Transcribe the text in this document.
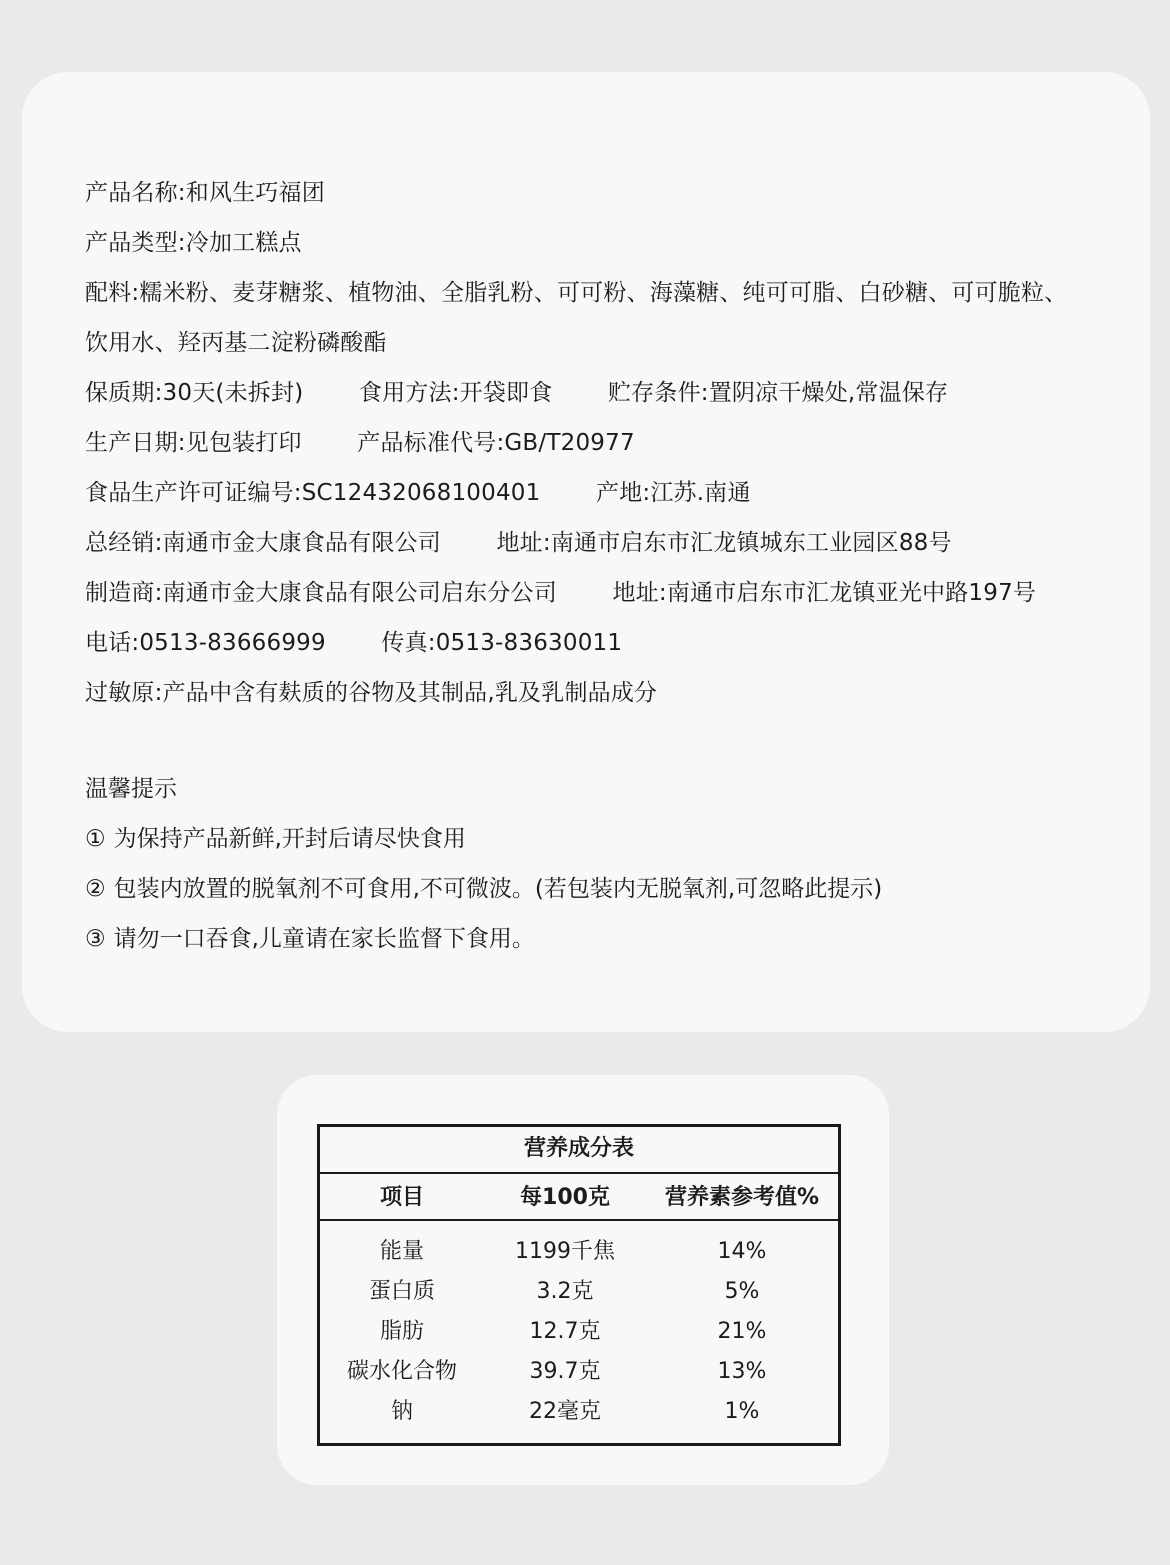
产品名称:和风生巧福团
产品类型:冷加工糕点
配料:糯米粉、麦芽糖浆、植物油、全脂乳粉、可可粉、海藻糖、纯可可脂、白砂糖、可可脆粒、
饮用水、羟丙基二淀粉磷酸酯
保质期:30天(未拆封) 食用方法:开袋即食 贮存条件:置阴凉干燥处,常温保存
生产日期:见包装打印 产品标准代号:GB/T20977
食品生产许可证编号:SC12432068100401 产地:江苏.南通
总经销:南通市金大康食品有限公司 地址:南通市启东市汇龙镇城东工业园区88号
制造商:南通市金大康食品有限公司启东分公司 地址:南通市启东市汇龙镇亚光中路197号
电话:0513-83666999 传真:0513-83630011
过敏原:产品中含有麸质的谷物及其制品,乳及乳制品成分
温馨提示
① 为保持产品新鲜,开封后请尽快食用
② 包装内放置的脱氧剂不可食用,不可微波。(若包装内无脱氧剂,可忽略此提示)
③ 请勿一口吞食,儿童请在家长监督下食用。
营养成分表
项目	每100克	营养素参考值%
能量	1199千焦	14%
蛋白质	3.2克	5%
脂肪	12.7克	21%
碳水化合物	39.7克	13%
钠	22毫克	1%
